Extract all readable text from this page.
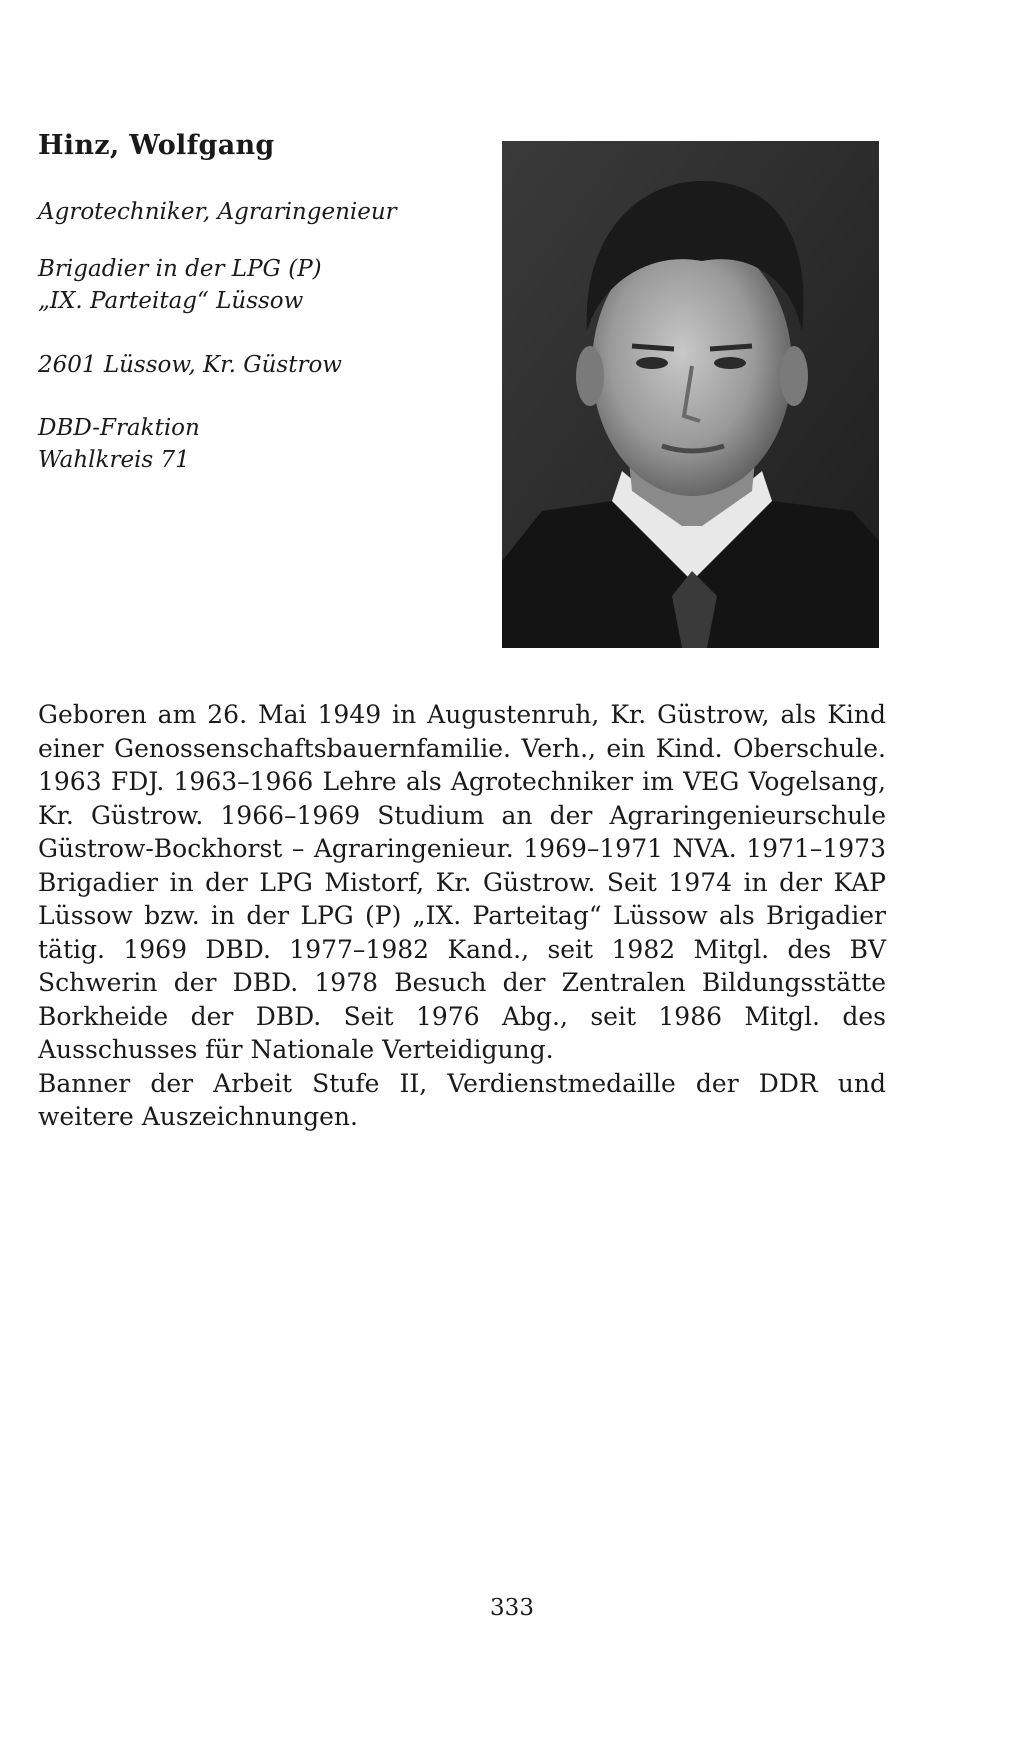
Hinz, Wolfgang
Agrotechniker, Agraringenieur
Brigadier in der LPG (P)
„IX. Parteitag“ Lüssow
2601 Lüssow, Kr. Güstrow
DBD-Fraktion
Wahlkreis 71

Geboren am 26. Mai 1949 in Augustenruh, Kr. Güstrow, als Kind einer Genossenschaftsbauernfamilie. Verh., ein Kind. Oberschule. 1963 FDJ. 1963–1966 Lehre als Agrotechniker im VEG Vogelsang, Kr. Güstrow. 1966–1969 Studium an der Agraringenieurschule Güstrow-Bockhorst – Agraringenieur. 1969–1971 NVA. 1971–1973 Brigadier in der LPG Mistorf, Kr. Güstrow. Seit 1974 in der KAP Lüssow bzw. in der LPG (P) „IX. Parteitag“ Lüssow als Brigadier tätig. 1969 DBD. 1977–1982 Kand., seit 1982 Mitgl. des BV Schwerin der DBD. 1978 Besuch der Zentralen Bildungsstätte Borkheide der DBD. Seit 1976 Abg., seit 1986 Mitgl. des Ausschusses für Nationale Verteidigung.

Banner der Arbeit Stufe II, Verdienstmedaille der DDR und weitere Auszeichnungen.

333
